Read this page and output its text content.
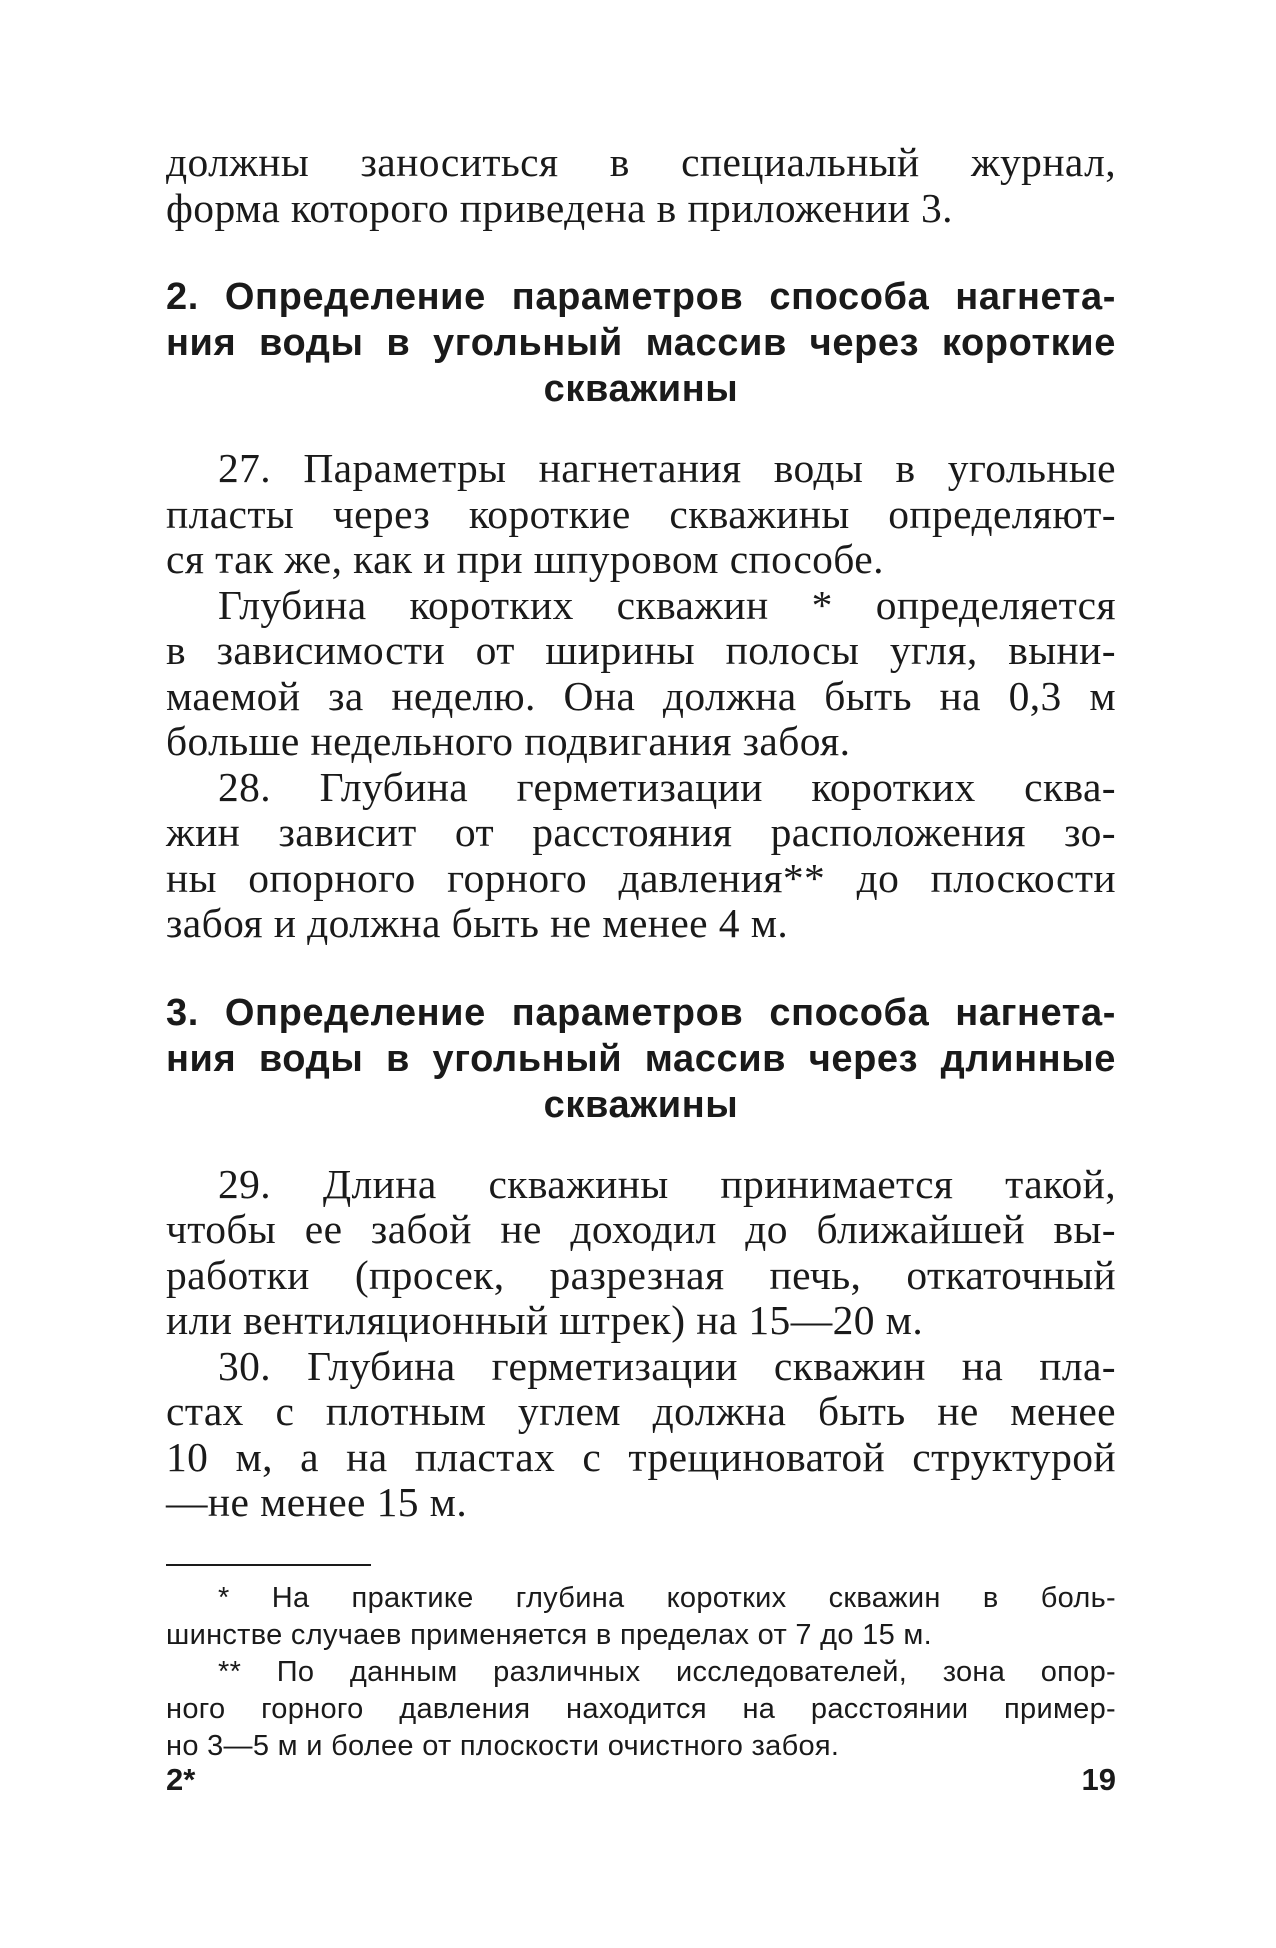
должны заноситься в специальный журнал,
форма которого приведена в приложении 3.
2. Определение параметров способа нагнета-
ния воды в угольный массив через короткие
скважины
27. Параметры нагнетания воды в угольные
пласты через короткие скважины определяют-
ся так же, как и при шпуровом способе.
Глубина коротких скважин * определяется
в зависимости от ширины полосы угля, выни-
маемой за неделю. Она должна быть на 0,3 м
больше недельного подвигания забоя.
28. Глубина герметизации коротких сква-
жин зависит от расстояния расположения зо-
ны опорного горного давления** до плоскости
забоя и должна быть не менее 4 м.
3. Определение параметров способа нагнета-
ния воды в угольный массив через длинные
скважины
29. Длина скважины принимается такой,
чтобы ее забой не доходил до ближайшей вы-
работки (просек, разрезная печь, откаточный
или вентиляционный штрек) на 15—20 м.
30. Глубина герметизации скважин на пла-
стах с плотным углем должна быть не менее
10 м, а на пластах с трещиноватой структурой
—не менее 15 м.
* На практике глубина коротких скважин в боль-
шинстве случаев применяется в пределах от 7 до 15 м.
** По данным различных исследователей, зона опор-
ного горного давления находится на расстоянии пример-
но 3—5 м и более от плоскости очистного забоя.
2*	19
